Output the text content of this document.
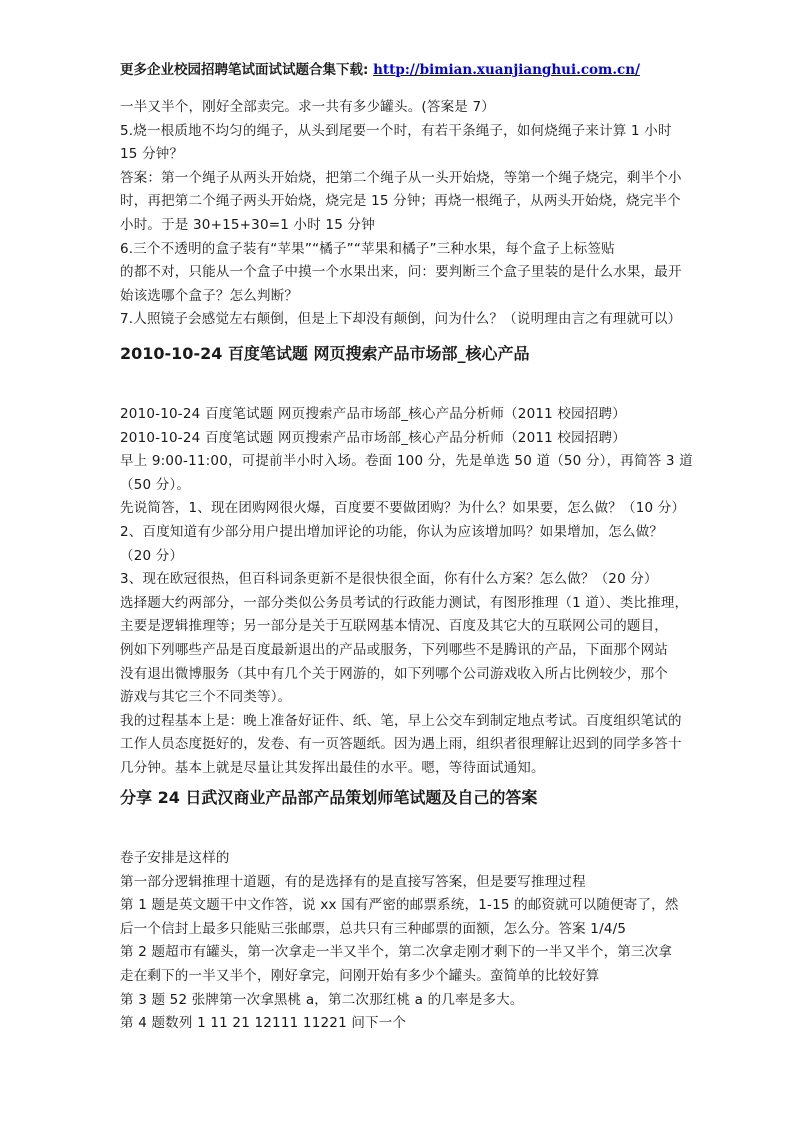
更多企业校园招聘笔试面试试题合集下载: http://bimian.xuanjianghui.com.cn/
一半又半个，刚好全部卖完。求一共有多少罐头。(答案是 7）
5.烧一根质地不均匀的绳子，从头到尾要一个时，有若干条绳子，如何烧绳子来计算 1 小时
15 分钟？
答案：第一个绳子从两头开始烧，把第二个绳子从一头开始烧，等第一个绳子烧完，剩半个小
时，再把第二个绳子两头开始烧，烧完是 15 分钟；再烧一根绳子，从两头开始烧，烧完半个
小时。于是 30+15+30=1 小时 15 分钟
6.三个不透明的盒子装有“苹果”“橘子”“苹果和橘子”三种水果，每个盒子上标签贴
的都不对，只能从一个盒子中摸一个水果出来，问：要判断三个盒子里装的是什么水果，最开
始该选哪个盒子？怎么判断？
7.人照镜子会感觉左右颠倒，但是上下却没有颠倒，问为什么？（说明理由言之有理就可以）
2010-10-24 百度笔试题 网页搜索产品市场部_核心产品
2010-10-24 百度笔试题 网页搜索产品市场部_核心产品分析师（2011 校园招聘）
2010-10-24 百度笔试题 网页搜索产品市场部_核心产品分析师（2011 校园招聘）
早上 9:00-11:00，可提前半小时入场。卷面 100 分，先是单选 50 道（50 分），再简答 3 道
（50 分）。
先说简答，1、现在团购网很火爆，百度要不要做团购？为什么？如果要，怎么做？（10 分）
2、百度知道有少部分用户提出增加评论的功能，你认为应该增加吗？如果增加，怎么做？
（20 分）
3、现在欧冠很热，但百科词条更新不是很快很全面，你有什么方案？怎么做？（20 分）
选择题大约两部分，一部分类似公务员考试的行政能力测试，有图形推理（1 道）、类比推理，
主要是逻辑推理等；另一部分是关于互联网基本情况、百度及其它大的互联网公司的题目，
例如下列哪些产品是百度最新退出的产品或服务，下列哪些不是腾讯的产品，下面那个网站
没有退出微博服务（其中有几个关于网游的，如下列哪个公司游戏收入所占比例较少，那个
游戏与其它三个不同类等）。
我的过程基本上是：晚上准备好证件、纸、笔，早上公交车到制定地点考试。百度组织笔试的
工作人员态度挺好的，发卷、有一页答题纸。因为遇上雨，组织者很理解让迟到的同学多答十
几分钟。基本上就是尽量让其发挥出最佳的水平。嗯，等待面试通知。
分享 24 日武汉商业产品部产品策划师笔试题及自己的答案
卷子安排是这样的
第一部分逻辑推理十道题，有的是选择有的是直接写答案，但是要写推理过程
第 1 题是英文题干中文作答，说 xx 国有严密的邮票系统，1-15 的邮资就可以随便寄了，然
后一个信封上最多只能贴三张邮票，总共只有三种邮票的面额，怎么分。答案 1/4/5
第 2 题超市有罐头，第一次拿走一半又半个，第二次拿走刚才剩下的一半又半个，第三次拿
走在剩下的一半又半个，刚好拿完，问刚开始有多少个罐头。蛮简单的比较好算
第 3 题 52 张牌第一次拿黑桃 a，第二次那红桃 a 的几率是多大。
第 4 题数列 1 11 21 12111 11221 问下一个
